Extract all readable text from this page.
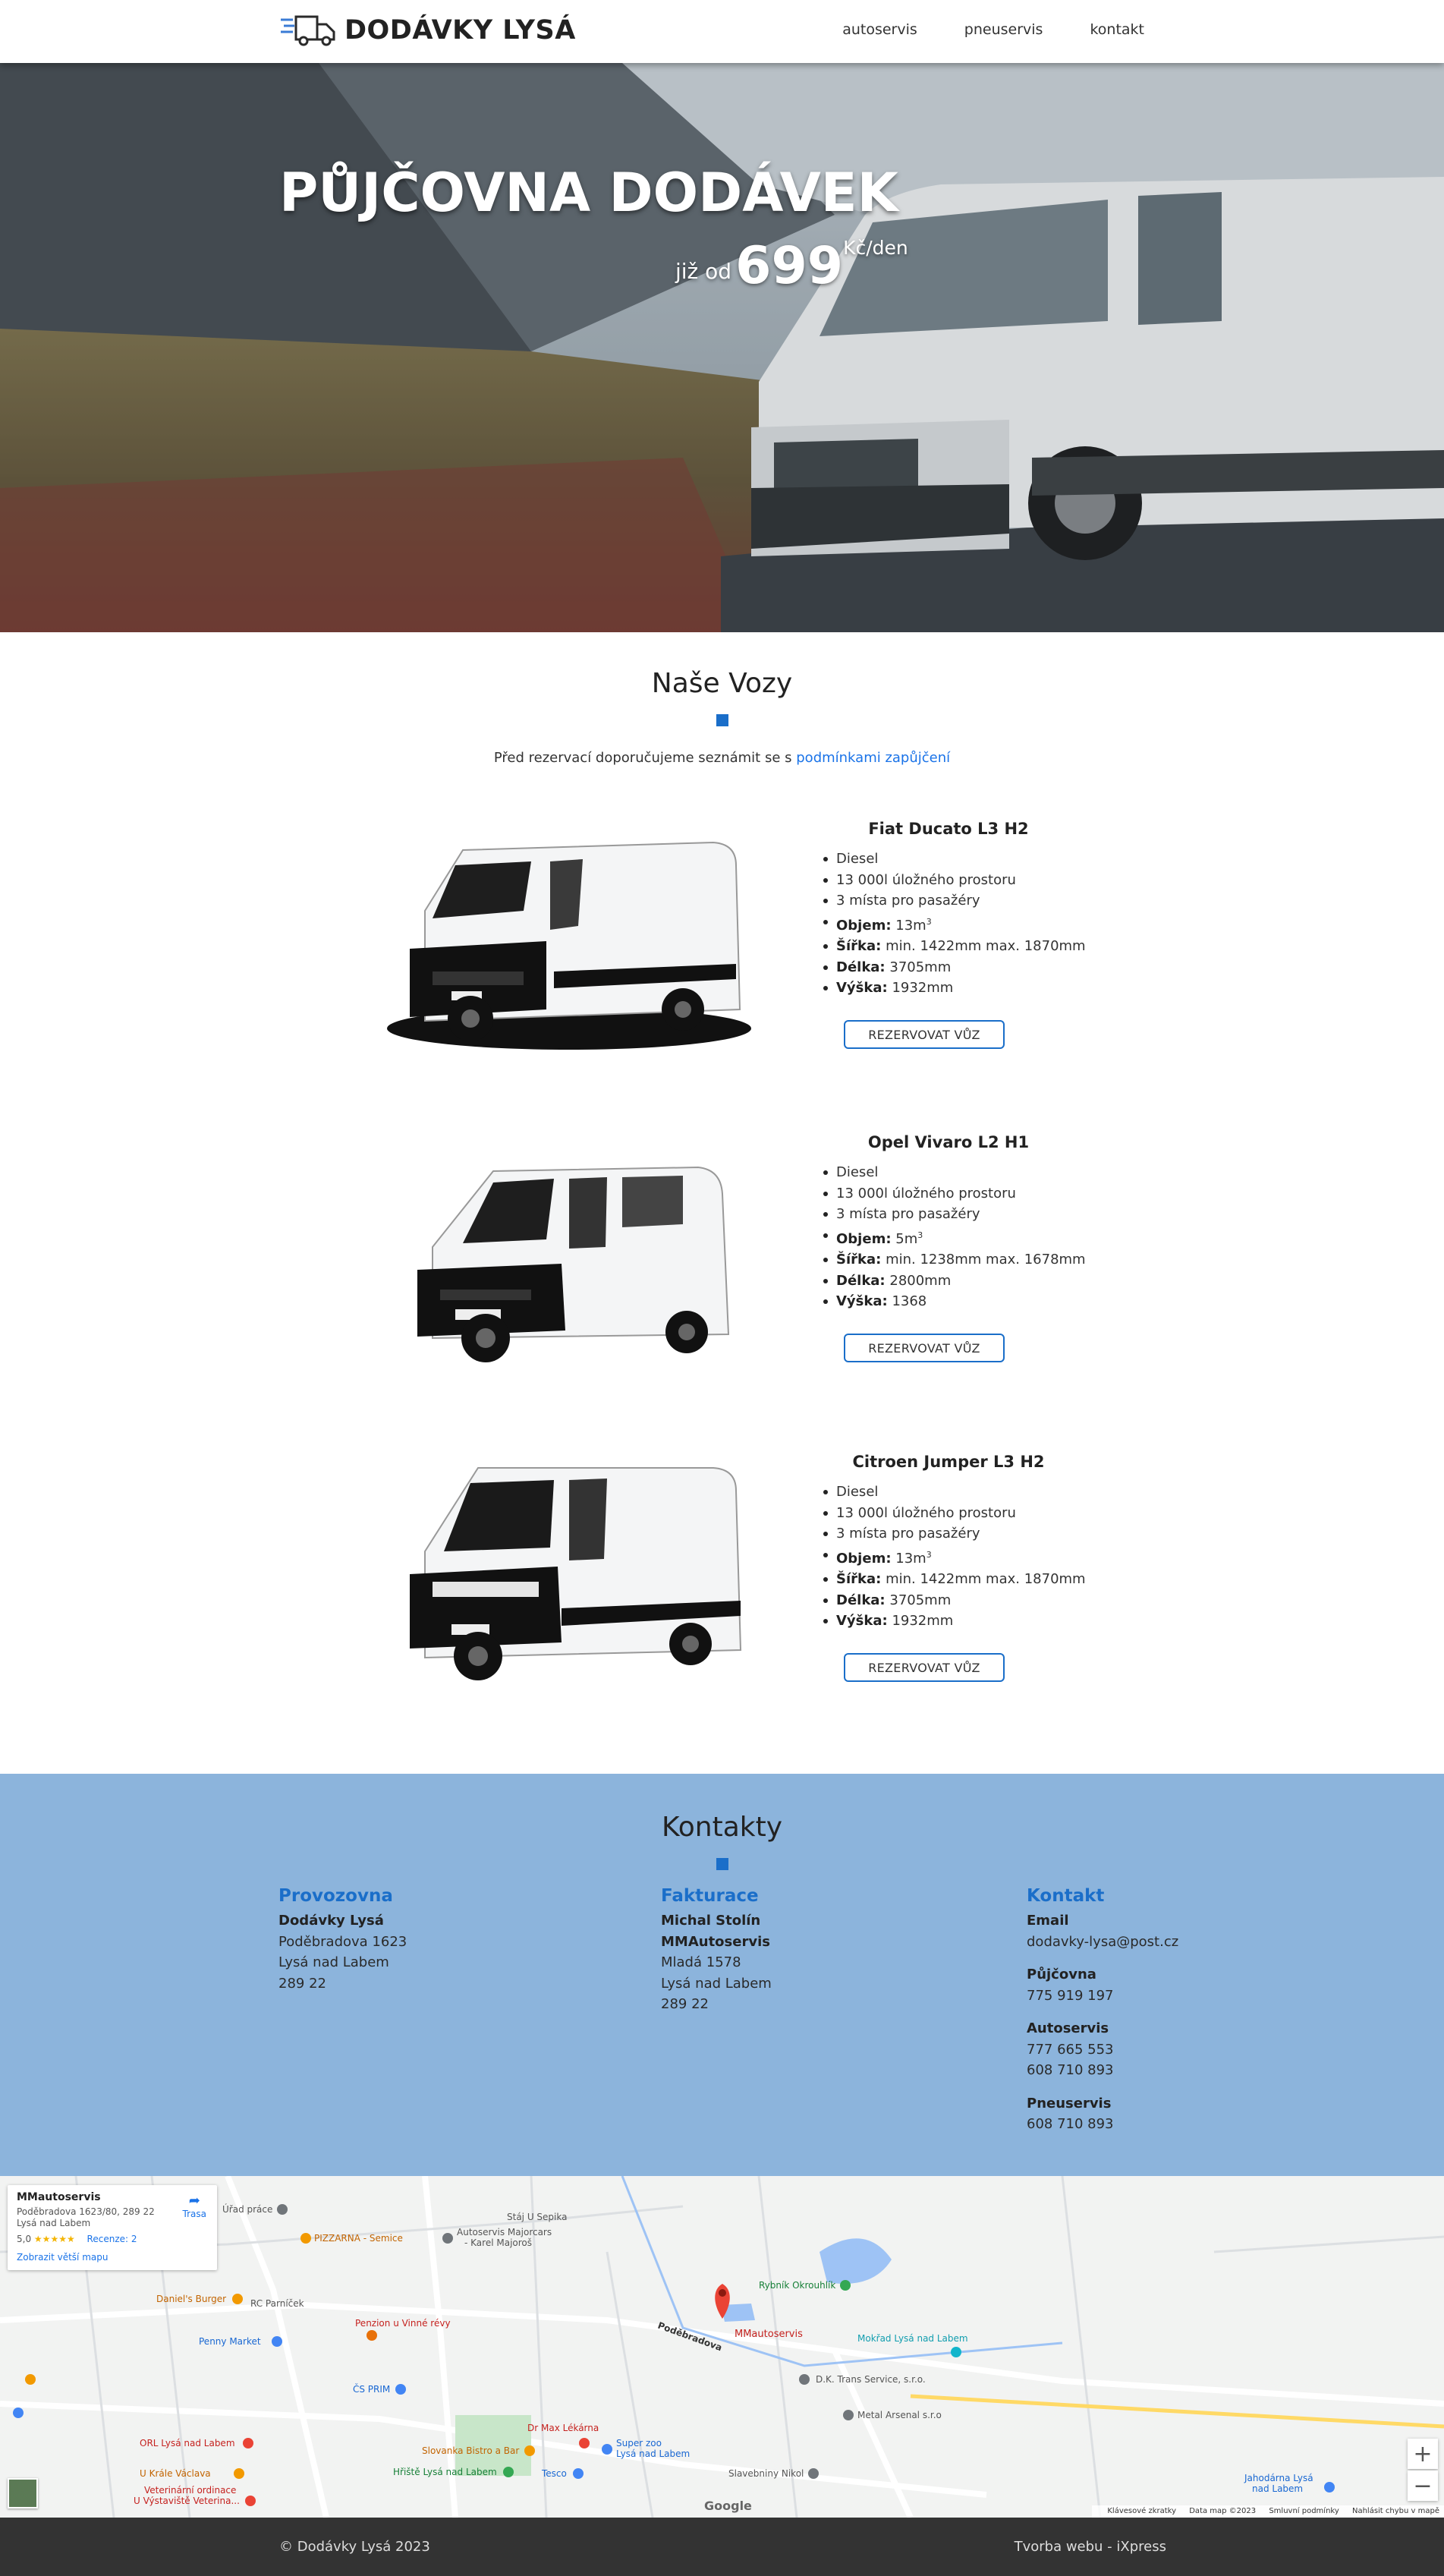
DODÁVKY LYSÁ	autoservis	pneuservis	kontakt
PŮJČOVNA DODÁVEK
již od 699Kč/den
Naše Vozy
Před rezervací doporučujeme seznámit se s podmínkami zapůjčení
Fiat Ducato L3 H2
Diesel
13 000l úložného prostoru
3 místa pro pasažéry
Objem: $13m^3$
Šířka: min. 1422mm max. 1870mm
Délka: 3705mm
Výška: 1932mm
REZERVOVAT VŮZ
Opel Vivaro L2 H1
Diesel
13 000l úložného prostoru
3 místa pro pasažéry
Objem: $5m^3$
Šířka: min. 1238mm max. 1678mm
Délka: 2800mm
Výška: 1368
REZERVOVAT VŮZ
Citroen Jumper L3 H2
Diesel
13 000l úložného prostoru
3 místa pro pasažéry
Objem: $13m^3$
Šířka: min. 1422mm max. 1870mm
Délka: 3705mm
Výška: 1932mm
REZERVOVAT VŮZ
Kontakty
Provozovna

Dodávky Lysá

Poděbradova 1623

Lysá nad Labem

289 22

Fakturace

Michal Stolín

MMAutoservis

Mladá 1578

Lysá nad Labem

289 22

Kontakt

Email

dodavky-lysa@post.cz

Půjčovna

775 919 197

Autoservis

777 665 553

608 710 893

Pneuservis

608 710 893

MMautoservis
PIZZARNA - Semice
Autoservis Majorcars
- Karel Majoroš
Rybník Okrouhlík
Mokřad Lysá nad Labem
D.K. Trans Service, s.r.o.
Metal Arsenal s.r.o
Penny Market
Penzion u Vinné révy
ČS PRIM
Daniel's Burger	RC Parníček
ORL Lysá nad Labem
U Krále Václava
Veterinární ordinace
U Výstaviště Veterina...
Slovanka Bistro a Bar
Dr Max Lékárna
Super zoo
Lysá nad Labem
Hřiště Lysá nad Labem	Tesco	Slavebniny Nikol	Jahodárna Lysá
nad Labem
Úřad práce
Stáj U Sepika
Poděbradova
MMautoservis
Poděbradova 1623/80, 289 22 Lysá nad Labem
5,0 ★★★★★ Recenze: 2
Zobrazit větší mapu
➦
Trasa
+
−
Google	Klávesové zkratky Data map ©2023 Smluvní podmínky Nahlásit chybu v mapě
© Dodávky Lysá 2023	Tvorba webu - iXpress
